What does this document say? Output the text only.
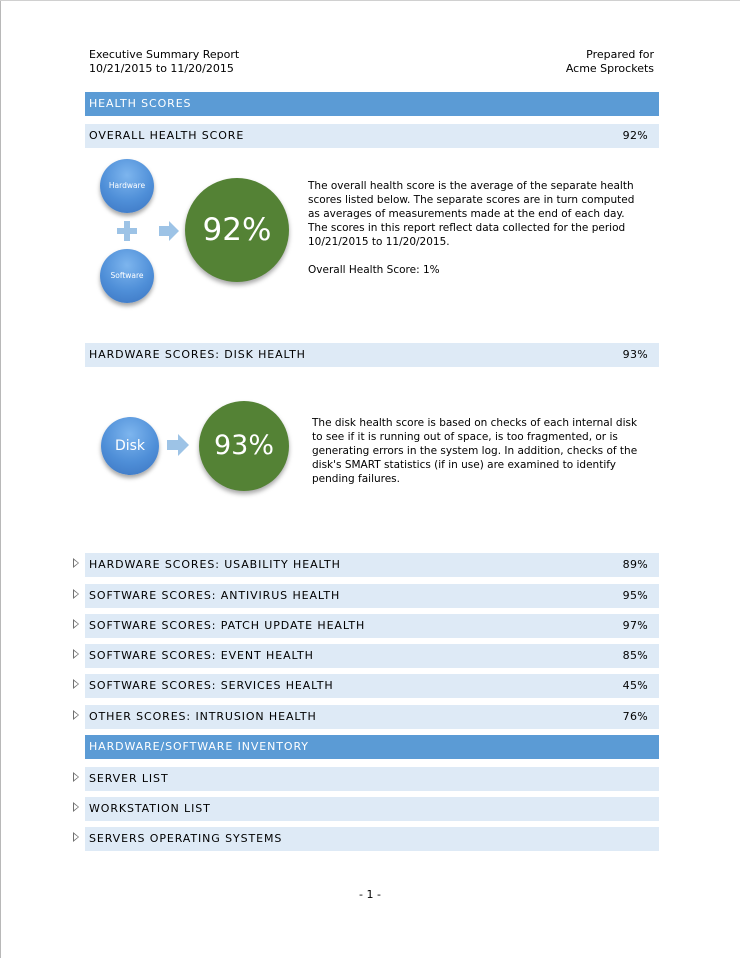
Executive Summary Report
10/21/2015 to 11/20/2015
Prepared for
Acme Sprockets
HEALTH SCORES
OVERALL HEALTH SCORE	92%
Hardware
Software
92%
The overall health score is the average of the separate health scores listed below. The separate scores are in turn computed as averages of measurements made at the end of each day. The scores in this report reflect data collected for the period 10/21/2015 to 11/20/2015.
Overall Health Score: 1%
HARDWARE SCORES: DISK HEALTH	93%
Disk	93%
The disk health score is based on checks of each internal disk to see if it is running out of space, is too fragmented, or is generating errors in the system log. In addition, checks of the disk's SMART statistics (if in use) are examined to identify pending failures.
HARDWARE SCORES: USABILITY HEALTH	89%
SOFTWARE SCORES: ANTIVIRUS HEALTH	95%
SOFTWARE SCORES: PATCH UPDATE HEALTH	97%
SOFTWARE SCORES: EVENT HEALTH	85%
SOFTWARE SCORES: SERVICES HEALTH	45%
OTHER SCORES: INTRUSION HEALTH	76%
HARDWARE/SOFTWARE INVENTORY
SERVER LIST
WORKSTATION LIST
SERVERS OPERATING SYSTEMS
- 1 -
